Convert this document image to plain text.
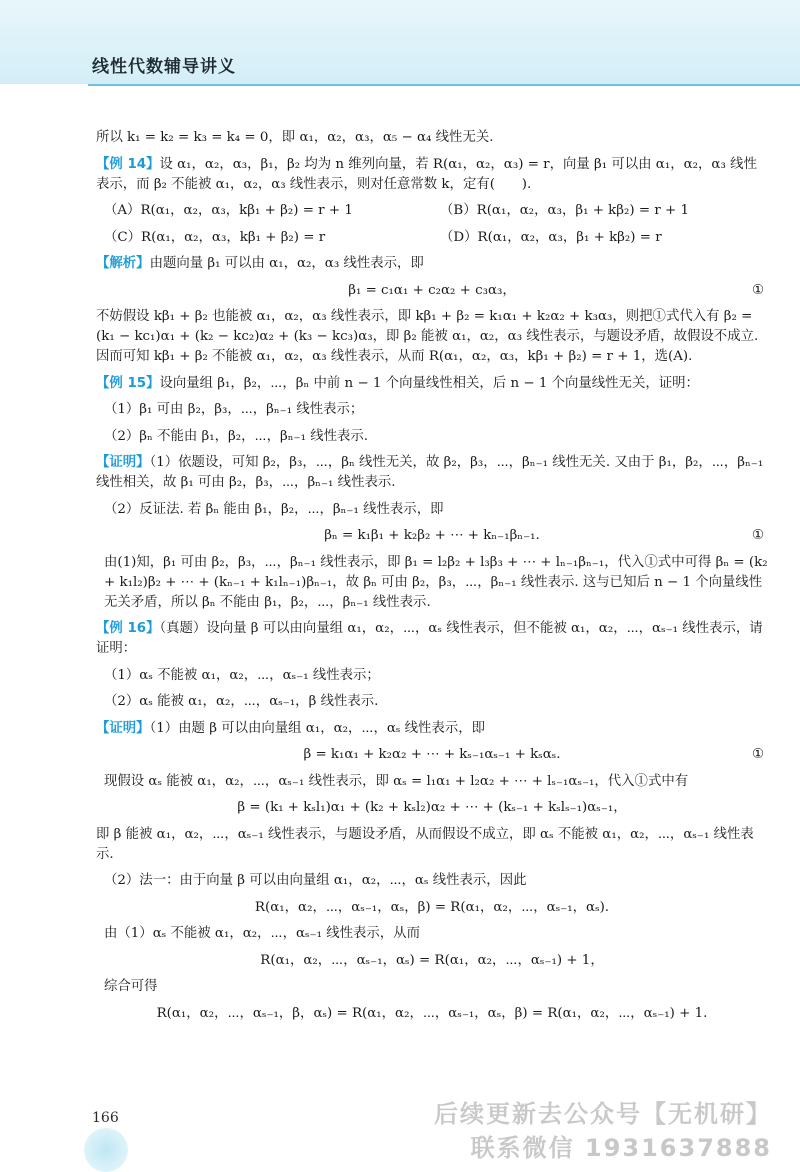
线性代数辅导讲义

所以 k₁ = k₂ = k₃ = k₄ = 0，即 α₁，α₂，α₃，α₅ − α₄ 线性无关.

【例 14】设 α₁，α₂，α₃，β₁，β₂ 均为 n 维列向量，若 R(α₁，α₂，α₃) = r，向量 β₁ 可以由 α₁，α₂，α₃ 线性表示，而 β₂ 不能被 α₁，α₂，α₃ 线性表示，则对任意常数 k，定有(　　).

（A）R(α₁，α₂，α₃，kβ₁ + β₂) = r + 1	（B）R(α₁，α₂，α₃，β₁ + kβ₂) = r + 1
（C）R(α₁，α₂，α₃，kβ₁ + β₂) = r	（D）R(α₁，α₂，α₃，β₁ + kβ₂) = r

【解析】由题向量 β₁ 可以由 α₁，α₂，α₃ 线性表示，即

β₁ = c₁α₁ + c₂α₂ + c₃α₃，	①

不妨假设 kβ₁ + β₂ 也能被 α₁，α₂，α₃ 线性表示，即 kβ₁ + β₂ = k₁α₁ + k₂α₂ + k₃α₃，则把①式代入有 β₂ = (k₁ − kc₁)α₁ + (k₂ − kc₂)α₂ + (k₃ − kc₃)α₃，即 β₂ 能被 α₁，α₂，α₃ 线性表示，与题设矛盾，故假设不成立. 因而可知 kβ₁ + β₂ 不能被 α₁，α₂，α₃ 线性表示，从而 R(α₁，α₂，α₃，kβ₁ + β₂) = r + 1，选(A).

【例 15】设向量组 β₁，β₂，⋯，βₙ 中前 n − 1 个向量线性相关，后 n − 1 个向量线性无关，证明：

（1）β₁ 可由 β₂，β₃，⋯，βₙ₋₁ 线性表示；

（2）βₙ 不能由 β₁，β₂，⋯，βₙ₋₁ 线性表示.

【证明】（1）依题设，可知 β₂，β₃，⋯，βₙ 线性无关，故 β₂，β₃，⋯，βₙ₋₁ 线性无关. 又由于 β₁，β₂，⋯，βₙ₋₁ 线性相关，故 β₁ 可由 β₂，β₃，⋯，βₙ₋₁ 线性表示.

（2）反证法. 若 βₙ 能由 β₁，β₂，⋯，βₙ₋₁ 线性表示，即

βₙ = k₁β₁ + k₂β₂ + ⋯ + kₙ₋₁βₙ₋₁.	①

由(1)知，β₁ 可由 β₂，β₃，⋯，βₙ₋₁ 线性表示，即 β₁ = l₂β₂ + l₃β₃ + ⋯ + lₙ₋₁βₙ₋₁，代入①式中可得 βₙ = (k₂ + k₁l₂)β₂ + ⋯ + (kₙ₋₁ + k₁lₙ₋₁)βₙ₋₁，故 βₙ 可由 β₂，β₃，⋯，βₙ₋₁ 线性表示. 这与已知后 n − 1 个向量线性无关矛盾，所以 βₙ 不能由 β₁，β₂，⋯，βₙ₋₁ 线性表示.

【例 16】（真题）设向量 β 可以由向量组 α₁，α₂，⋯，αₛ 线性表示，但不能被 α₁，α₂，⋯，αₛ₋₁ 线性表示，请证明：

（1）αₛ 不能被 α₁，α₂，⋯，αₛ₋₁ 线性表示；

（2）αₛ 能被 α₁，α₂，⋯，αₛ₋₁，β 线性表示.

【证明】（1）由题 β 可以由向量组 α₁，α₂，⋯，αₛ 线性表示，即

β = k₁α₁ + k₂α₂ + ⋯ + kₛ₋₁αₛ₋₁ + kₛαₛ.	①

现假设 αₛ 能被 α₁，α₂，⋯，αₛ₋₁ 线性表示，即 αₛ = l₁α₁ + l₂α₂ + ⋯ + lₛ₋₁αₛ₋₁，代入①式中有

β = (k₁ + kₛl₁)α₁ + (k₂ + kₛl₂)α₂ + ⋯ + (kₛ₋₁ + kₛlₛ₋₁)αₛ₋₁，

即 β 能被 α₁，α₂，⋯，αₛ₋₁ 线性表示，与题设矛盾，从而假设不成立，即 αₛ 不能被 α₁，α₂，⋯，αₛ₋₁ 线性表示.

（2）法一：由于向量 β 可以由向量组 α₁，α₂，⋯，αₛ 线性表示，因此

R(α₁，α₂，⋯，αₛ₋₁，αₛ，β) = R(α₁，α₂，⋯，αₛ₋₁，αₛ).

由（1）αₛ 不能被 α₁，α₂，⋯，αₛ₋₁ 线性表示，从而

R(α₁，α₂，⋯，αₛ₋₁，αₛ) = R(α₁，α₂，⋯，αₛ₋₁) + 1，

综合可得

R(α₁，α₂，⋯，αₛ₋₁，β，αₛ) = R(α₁，α₂，⋯，αₛ₋₁，αₛ，β) = R(α₁，α₂，⋯，αₛ₋₁) + 1.
166	后续更新去公众号【无机研】
联系微信 19316378​88
